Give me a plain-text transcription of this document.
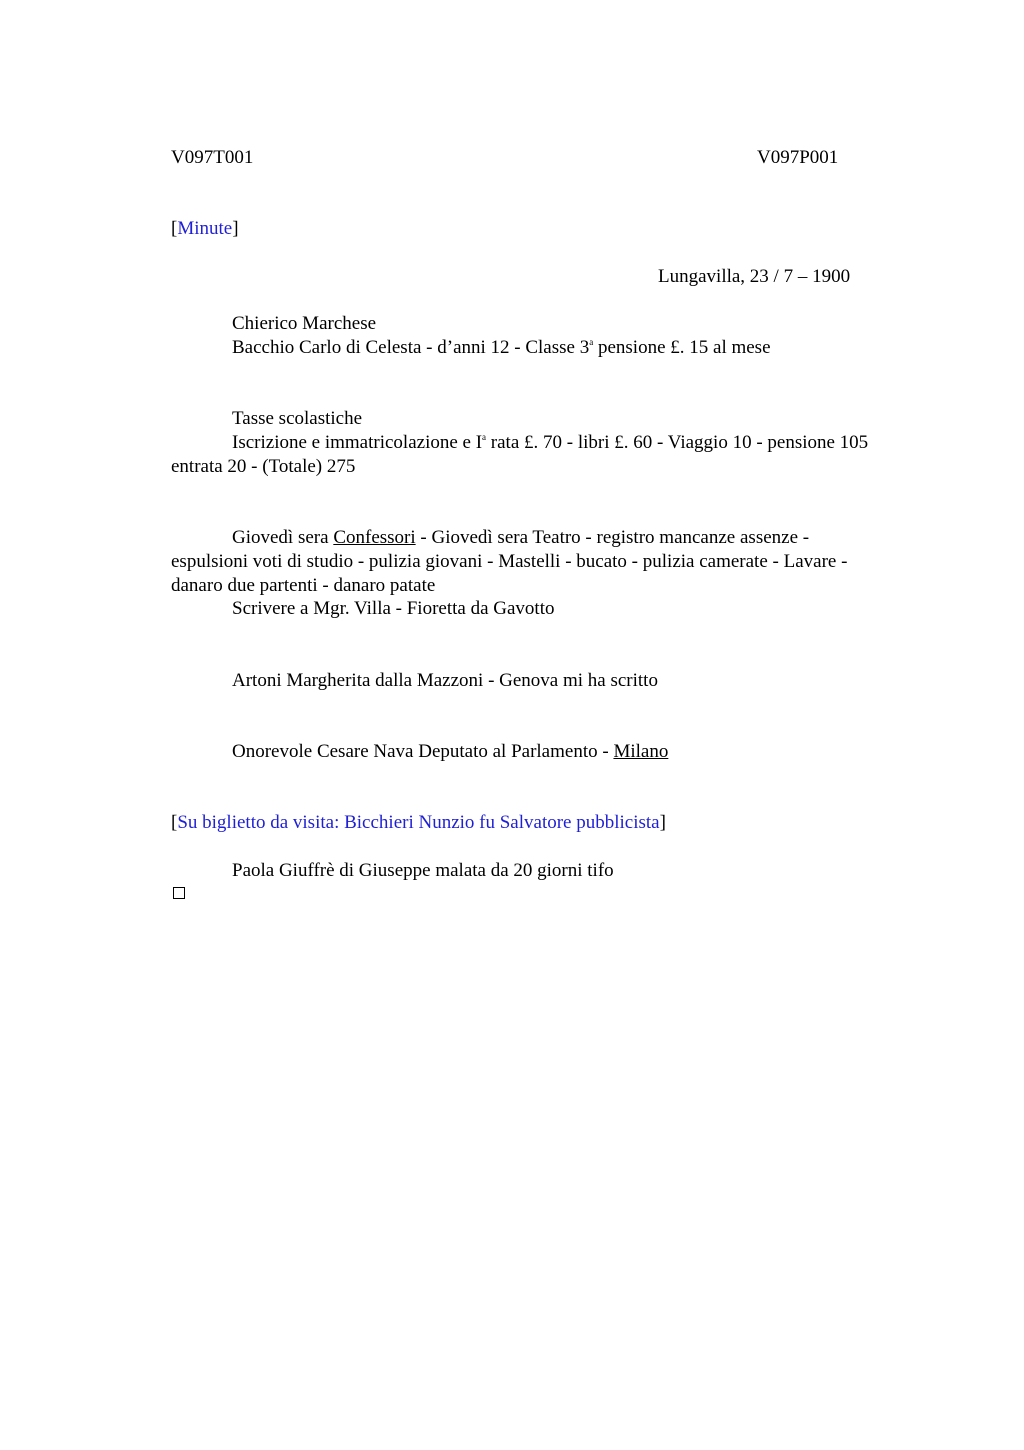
V097T001	V097P001
[Minute]
Lungavilla, 23 / 7 – 1900
Chierico Marchese
Bacchio Carlo di Celesta - d’anni 12 - Classe 3$^a$ pensione £. 15 al mese
Tasse scolastiche
Iscrizione e immatricolazione e $I^a$ rata £. 70 - libri £. 60 - Viaggio 10 - pensione 105
entrata 20 - (Totale) 275
Giovedì sera Confessori - Giovedì sera Teatro - registro mancanze assenze -
espulsioni voti di studio - pulizia giovani - Mastelli - bucato - pulizia camerate - Lavare -
danaro due partenti - danaro patate
Scrivere a Mgr. Villa - Fioretta da Gavotto
Artoni Margherita dalla Mazzoni - Genova mi ha scritto
Onorevole Cesare Nava Deputato al Parlamento - Milano
[Su biglietto da visita: Bicchieri Nunzio fu Salvatore pubblicista]
Paola Giuffrè di Giuseppe malata da 20 giorni tifo
